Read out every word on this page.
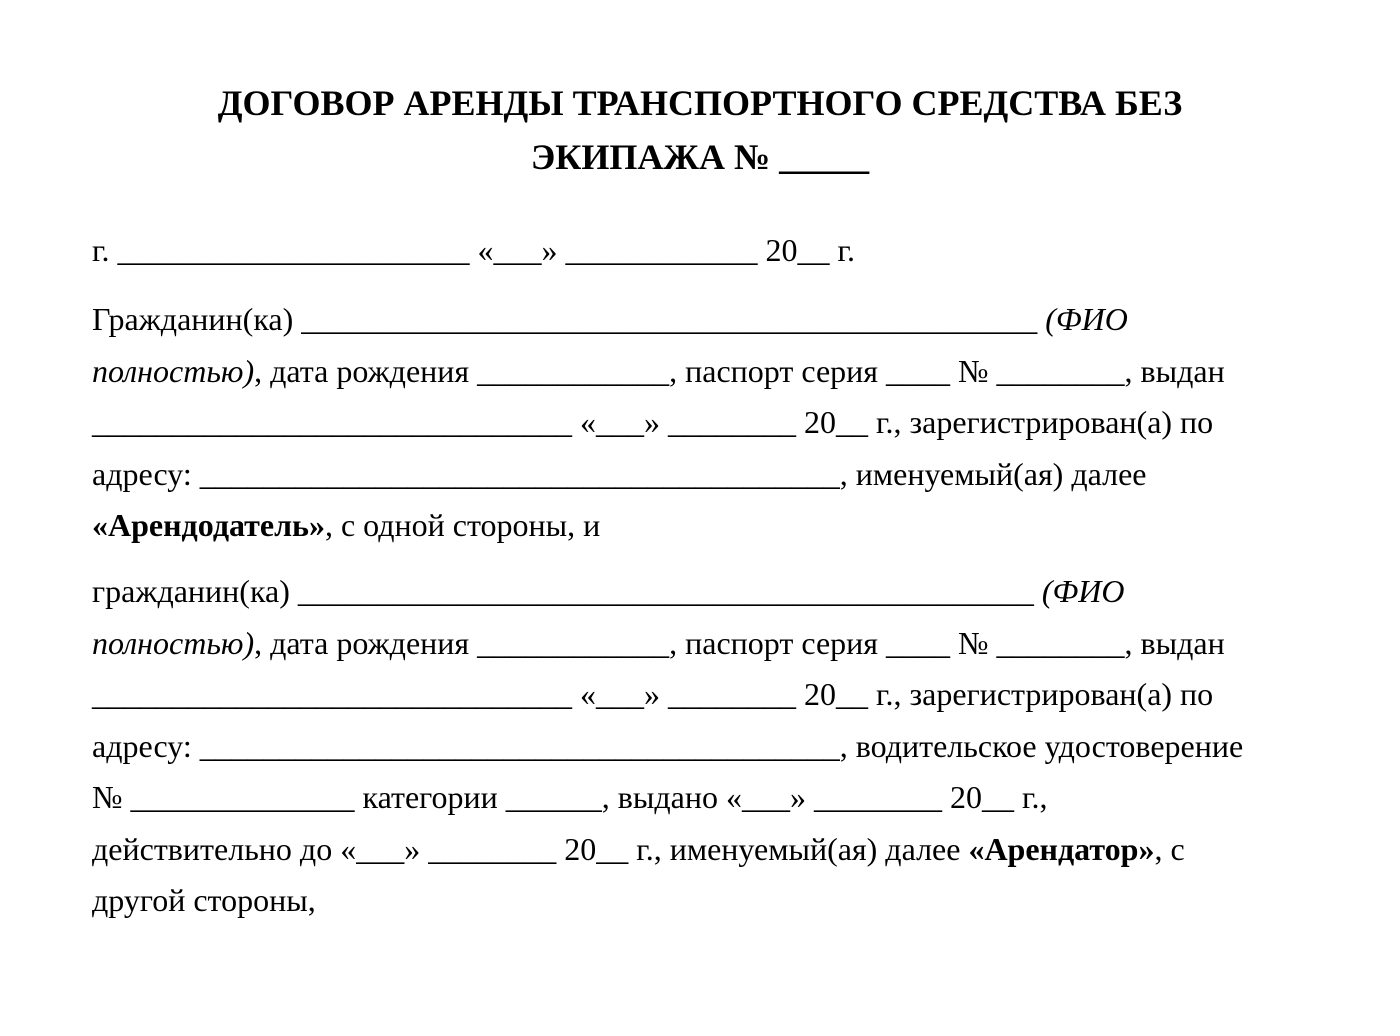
ДОГОВОР АРЕНДЫ ТРАНСПОРТНОГО СРЕДСТВА БЕЗ
ЭКИПАЖА № _____

г. ______________________ «___» ____________ 20__ г.

Гражданин(ка) ______________________________________________ (ФИО
полностью), дата рождения ____________, паспорт серия ____ № ________, выдан
______________________________ «___» ________ 20__ г., зарегистрирован(а) по
адресу: ________________________________________, именуемый(ая) далее
«Арендодатель», с одной стороны, и
гражданин(ка) ______________________________________________ (ФИО
полностью), дата рождения ____________, паспорт серия ____ № ________, выдан
______________________________ «___» ________ 20__ г., зарегистрирован(а) по
адресу: ________________________________________, водительское удостоверение
№ ______________ категории ______, выдано «___» ________ 20__ г.,
действительно до «___» ________ 20__ г., именуемый(ая) далее «Арендатор», с
другой стороны,
